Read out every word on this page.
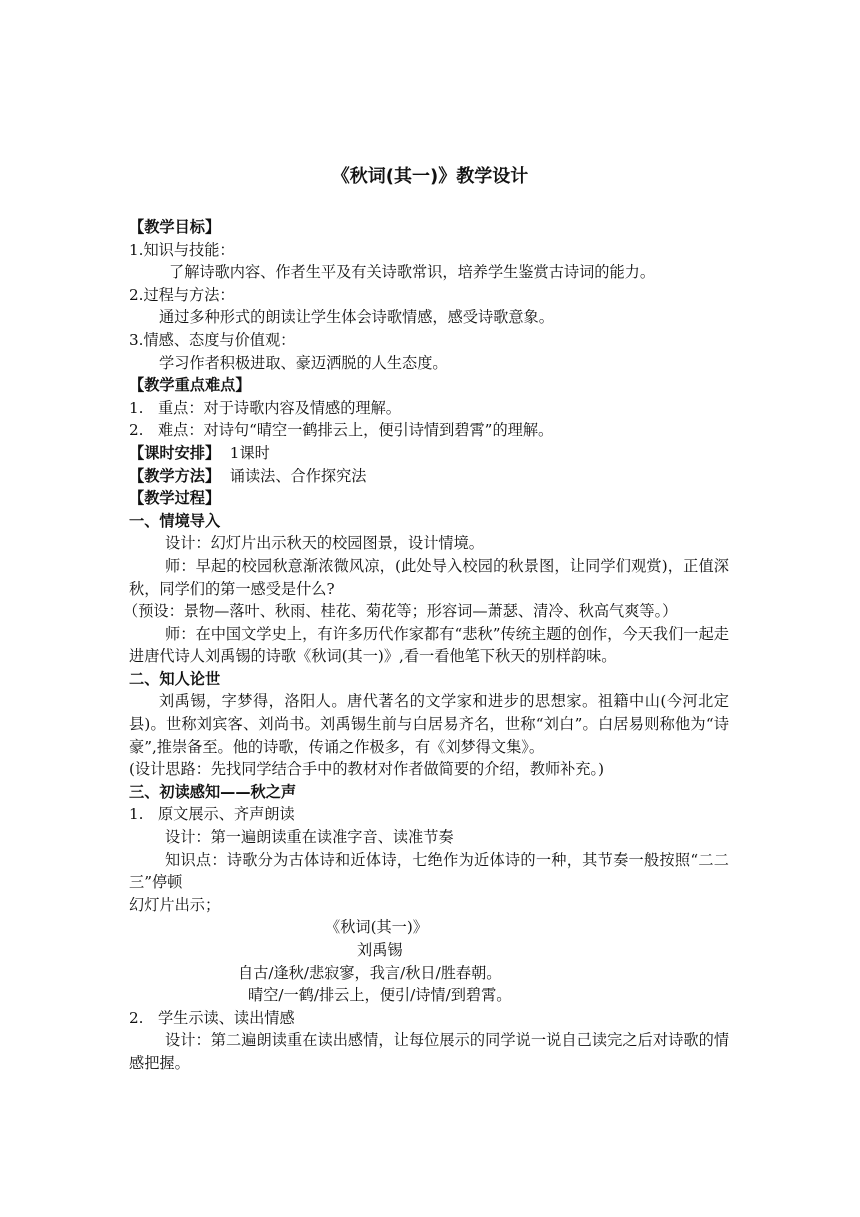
《秋词(其一)》教学设计
【教学目标】
1.知识与技能：
了解诗歌内容、作者生平及有关诗歌常识，培养学生鉴赏古诗词的能力。
2.过程与方法：
通过多种形式的朗读让学生体会诗歌情感，感受诗歌意象。
3.情感、态度与价值观：
学习作者积极进取、豪迈洒脱的人生态度。
【教学重点难点】
1.   重点：对于诗歌内容及情感的理解。
2.   难点：对诗句“晴空一鹤排云上，便引诗情到碧霄”的理解。
【课时安排】  1课时
【教学方法】  诵读法、合作探究法
【教学过程】
一、情境导入
设计：幻灯片出示秋天的校园图景，设计情境。
师：早起的校园秋意渐浓微风凉，(此处导入校园的秋景图，让同学们观赏)，正值深秋，同学们的第一感受是什么?
（预设：景物—落叶、秋雨、桂花、菊花等；形容词—萧瑟、清冷、秋高气爽等。）
师：在中国文学史上，有许多历代作家都有“悲秋”传统主题的创作，今天我们一起走进唐代诗人刘禹锡的诗歌《秋词(其一)》,看一看他笔下秋天的别样韵味。
二、知人论世
刘禹锡，字梦得，洛阳人。唐代著名的文学家和进步的思想家。祖籍中山(今河北定县)。世称刘宾客、刘尚书。刘禹锡生前与白居易齐名，世称“刘白”。白居易则称他为“诗豪”,推崇备至。他的诗歌，传诵之作极多，有《刘梦得文集》。
(设计思路：先找同学结合手中的教材对作者做简要的介绍，教师补充。)
三、初读感知——秋之声
1.   原文展示、齐声朗读
设计：第一遍朗读重在读准字音、读准节奏
知识点：诗歌分为古体诗和近体诗，七绝作为近体诗的一种，其节奏一般按照“二二三”停顿
幻灯片出示；
《秋词(其一)》
刘禹锡
自古/逢秋/悲寂寥，我言/秋日/胜春朝。
晴空/一鹤/排云上，便引/诗情/到碧霄。
2.   学生示读、读出情感
设计：第二遍朗读重在读出感情，让每位展示的同学说一说自己读完之后对诗歌的情感把握。
